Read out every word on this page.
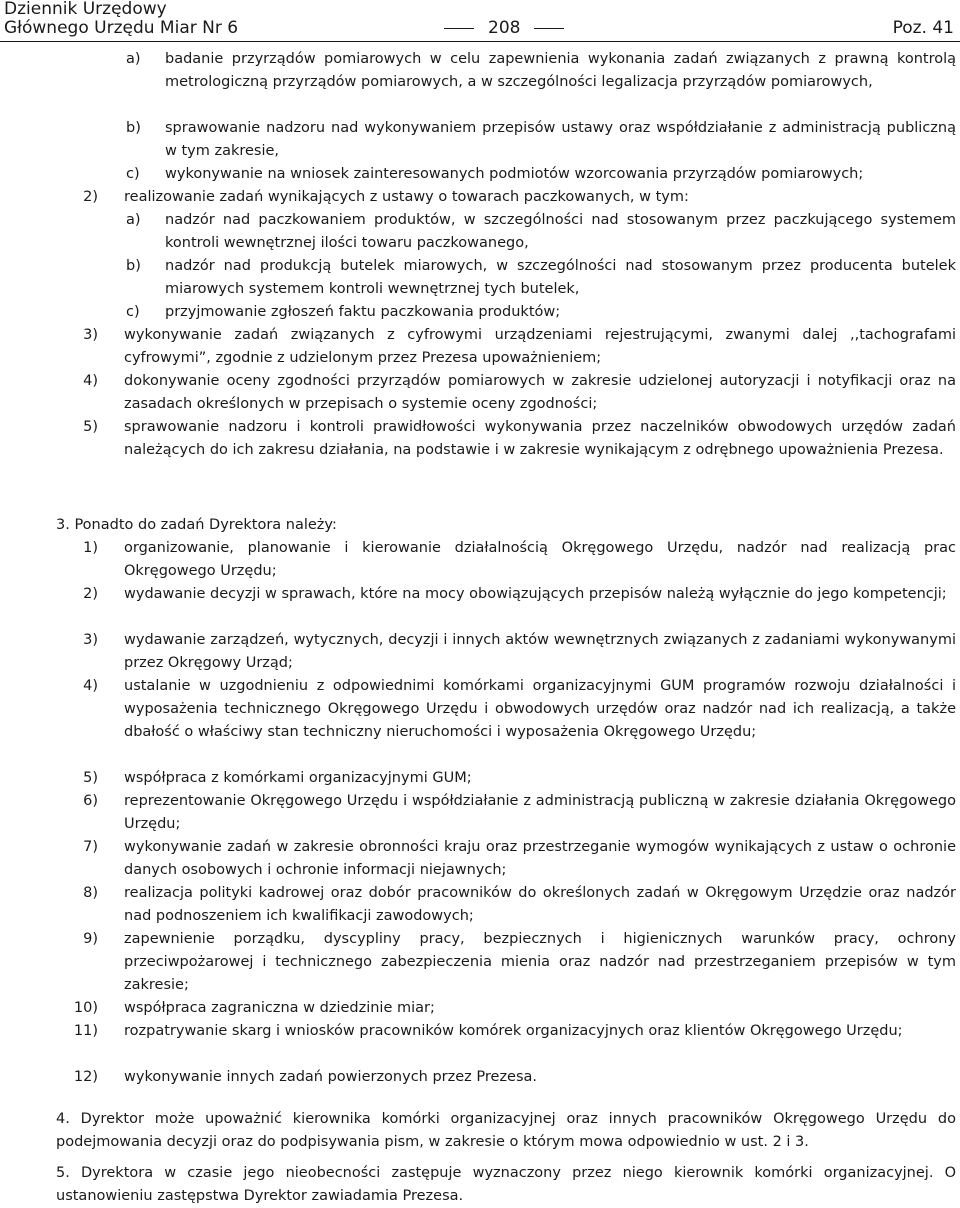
Dziennik Urzędowy
Głównego Urzędu Miar Nr 6	208	Poz. 41
a)	badanie przyrządów pomiarowych w celu zapewnienia wykonania zadań związanych z prawną kontrolą metrologiczną przyrządów pomiarowych, a w szczególności legalizacja przyrządów pomiarowych,
b)	sprawowanie nadzoru nad wykonywaniem przepisów ustawy oraz współdziałanie z administracją publiczną w tym zakresie,
c)	wykonywanie na wniosek zainteresowanych podmiotów wzorcowania przyrządów pomiarowych;
2) realizowanie zadań wynikających z ustawy o towarach paczkowanych, w tym:
a)	nadzór nad paczkowaniem produktów, w szczególności nad stosowanym przez paczkującego systemem kontroli wewnętrznej ilości towaru paczkowanego,
b)	nadzór nad produkcją butelek miarowych, w szczególności nad stosowanym przez producenta butelek miarowych systemem kontroli wewnętrznej tych butelek,
c)	przyjmowanie zgłoszeń faktu paczkowania produktów;
3) wykonywanie zadań związanych z cyfrowymi urządzeniami rejestrującymi, zwanymi dalej ,,tachografami cyfrowymi”, zgodnie z udzielonym przez Prezesa upoważnieniem;
4) dokonywanie oceny zgodności przyrządów pomiarowych w zakresie udzielonej autoryzacji i notyfikacji oraz na zasadach określonych w przepisach o systemie oceny zgodności;
5) sprawowanie nadzoru i kontroli prawidłowości wykonywania przez naczelników obwodowych urzędów zadań należących do ich zakresu działania, na podstawie i w zakresie wynikającym z odrębnego upoważnienia Prezesa.
3. Ponadto do zadań Dyrektora należy:
1) organizowanie, planowanie i kierowanie działalnością Okręgowego Urzędu, nadzór nad realizacją prac Okręgowego Urzędu;
2) wydawanie decyzji w sprawach, które na mocy obowiązujących przepisów należą wyłącznie do jego kompetencji;
3) wydawanie zarządzeń, wytycznych, decyzji i innych aktów wewnętrznych związanych z zadaniami wykonywanymi przez Okręgowy Urząd;
4) ustalanie w uzgodnieniu z odpowiednimi komórkami organizacyjnymi GUM programów rozwoju działalności i wyposażenia technicznego Okręgowego Urzędu i obwodowych urzędów oraz nadzór nad ich realizacją, a także dbałość o właściwy stan techniczny nieruchomości i wyposażenia Okręgowego Urzędu;
5) współpraca z komórkami organizacyjnymi GUM;
6) reprezentowanie Okręgowego Urzędu i współdziałanie z administracją publiczną w zakresie działania Okręgowego Urzędu;
7) wykonywanie zadań w zakresie obronności kraju oraz przestrzeganie wymogów wynikających z ustaw o ochronie danych osobowych i ochronie informacji niejawnych;
8) realizacja polityki kadrowej oraz dobór pracowników do określonych zadań w Okręgowym Urzędzie oraz nadzór nad podnoszeniem ich kwalifikacji zawodowych;
9) zapewnienie porządku, dyscypliny pracy, bezpiecznych i higienicznych warunków pracy, ochrony przeciwpożarowej i technicznego zabezpieczenia mienia oraz nadzór nad przestrzeganiem przepisów w tym zakresie;
10) współpraca zagraniczna w dziedzinie miar;
11) rozpatrywanie skarg i wniosków pracowników komórek organizacyjnych oraz klientów Okręgowego Urzędu;
12) wykonywanie innych zadań powierzonych przez Prezesa.
4. Dyrektor może upoważnić kierownika komórki organizacyjnej oraz innych pracowników Okręgowego Urzędu do podejmowania decyzji oraz do podpisywania pism, w zakresie o którym mowa odpowiednio w ust. 2 i 3.
5. Dyrektora w czasie jego nieobecności zastępuje wyznaczony przez niego kierownik komórki organizacyjnej. O ustanowieniu zastępstwa Dyrektor zawiadamia Prezesa.
